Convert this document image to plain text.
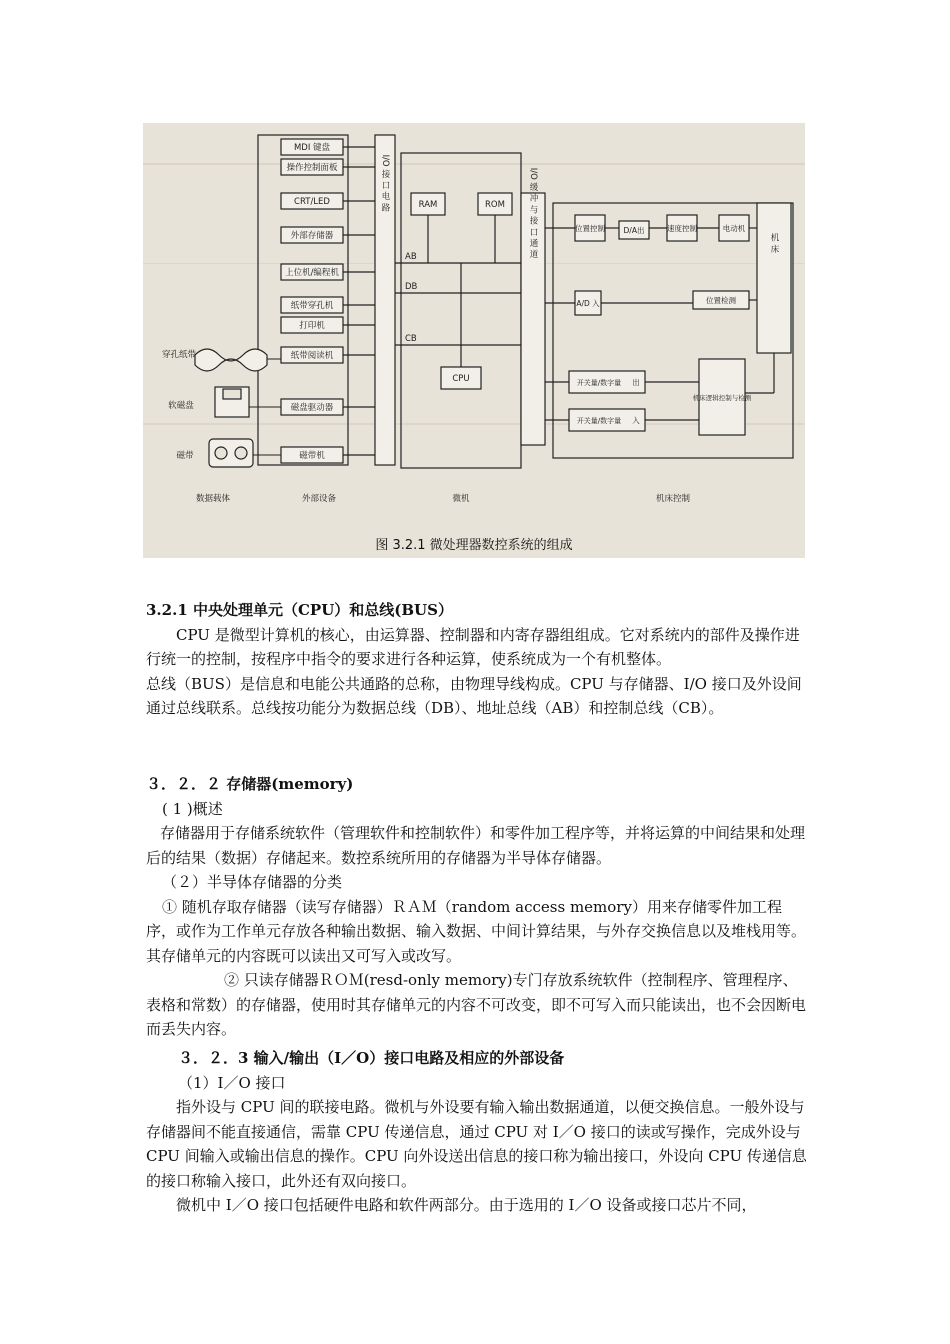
MDI 键盘
操作控制面板
CRT/LED
外部存储器
上位机/编程机
纸带穿孔机
打印机
纸带阅读机
磁盘驱动器
磁带机
RAM	ROM
CPU
位置控制 D/A出	速度控制	电动机
A/D 入	位置检测
开关量/数字量 出
开关量/数字量 入
机床逻辑控制与检测
穿孔纸带
软磁盘
磁带
数据载体	外部设备	微机	机床控制
AB
DB
CB
I/O 接 口 电 路	I/O 缓 冲 与 接 口 通 道	机 床
图 3.2.1 微处理器数控系统的组成

3.2.1 中央处理单元（CPU）和总线(BUS）

CPU 是微型计算机的核心，由运算器、控制器和内寄存器组组成。它对系统内的部件及操作进行统一的控制，按程序中指令的要求进行各种运算，使系统成为一个有机整体。

总线（BUS）是信息和电能公共通路的总称，由物理导线构成。CPU 与存储器、I/O 接口及外设间通过总线联系。总线按功能分为数据总线（DB）、地址总线（AB）和控制总线（CB）。

３．２．２ 存储器(memory)

( 1 )概述

存储器用于存储系统软件（管理软件和控制软件）和零件加工程序等，并将运算的中间结果和处理后的结果（数据）存储起来。数控系统所用的存储器为半导体存储器。

（２）半导体存储器的分类

① 随机存取存储器（读写存储器）ＲＡＭ（random access memory）用来存储零件加工程序，或作为工作单元存放各种输出数据、输入数据、中间计算结果，与外存交换信息以及堆栈用等。其存储单元的内容既可以读出又可写入或改写。

② 只读存储器ＲＯＭ(resd-only memory)专门存放系统软件（控制程序、管理程序、表格和常数）的存储器，使用时其存储单元的内容不可改变，即不可写入而只能读出，也不会因断电而丢失内容。

３．２．3 输入/输出（I／O）接口电路及相应的外部设备

（1）I／O 接口

指外设与 CPU 间的联接电路。微机与外设要有输入输出数据通道，以便交换信息。一般外设与存储器间不能直接通信，需靠 CPU 传递信息，通过 CPU 对 I／O 接口的读或写操作，完成外设与 CPU 间输入或输出信息的操作。CPU 向外设送出信息的接口称为输出接口，外设向 CPU 传递信息的接口称输入接口，此外还有双向接口。

微机中 I／O 接口包括硬件电路和软件两部分。由于选用的 I／O 设备或接口芯片不同，
